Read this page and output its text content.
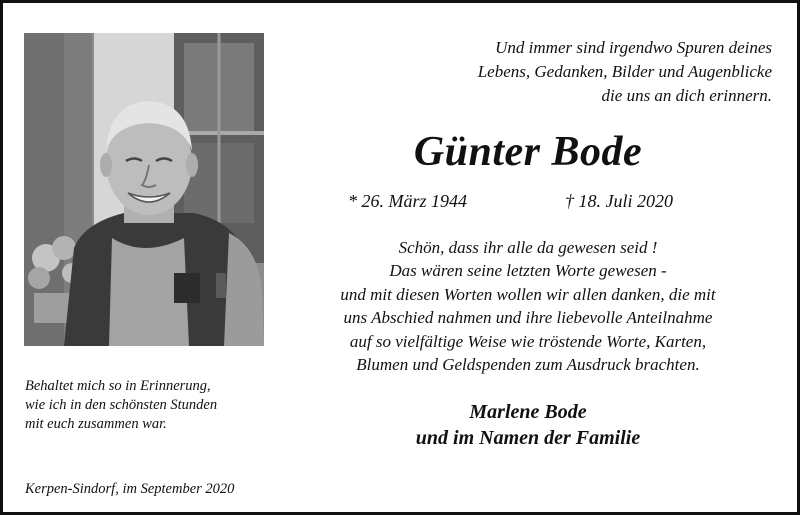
Und immer sind irgendwo Spuren deines
Lebens, Gedanken, Bilder und Augenblicke
die uns an dich erinnern.
Günter Bode
* 26. März 1944	† 18. Juli 2020
Schön, dass ihr alle da gewesen seid !
Das wären seine letzten Worte gewesen -
und mit diesen Worten wollen wir allen danken, die mit
uns Abschied nahmen und ihre liebevolle Anteilnahme
auf so vielfältige Weise wie tröstende Worte, Karten,
Blumen und Geldspenden zum Ausdruck brachten.
Marlene Bode
und im Namen der Familie
Behaltet mich so in Erinnerung,
wie ich in den schönsten Stunden
mit euch zusammen war.
Kerpen-Sindorf, im September 2020
